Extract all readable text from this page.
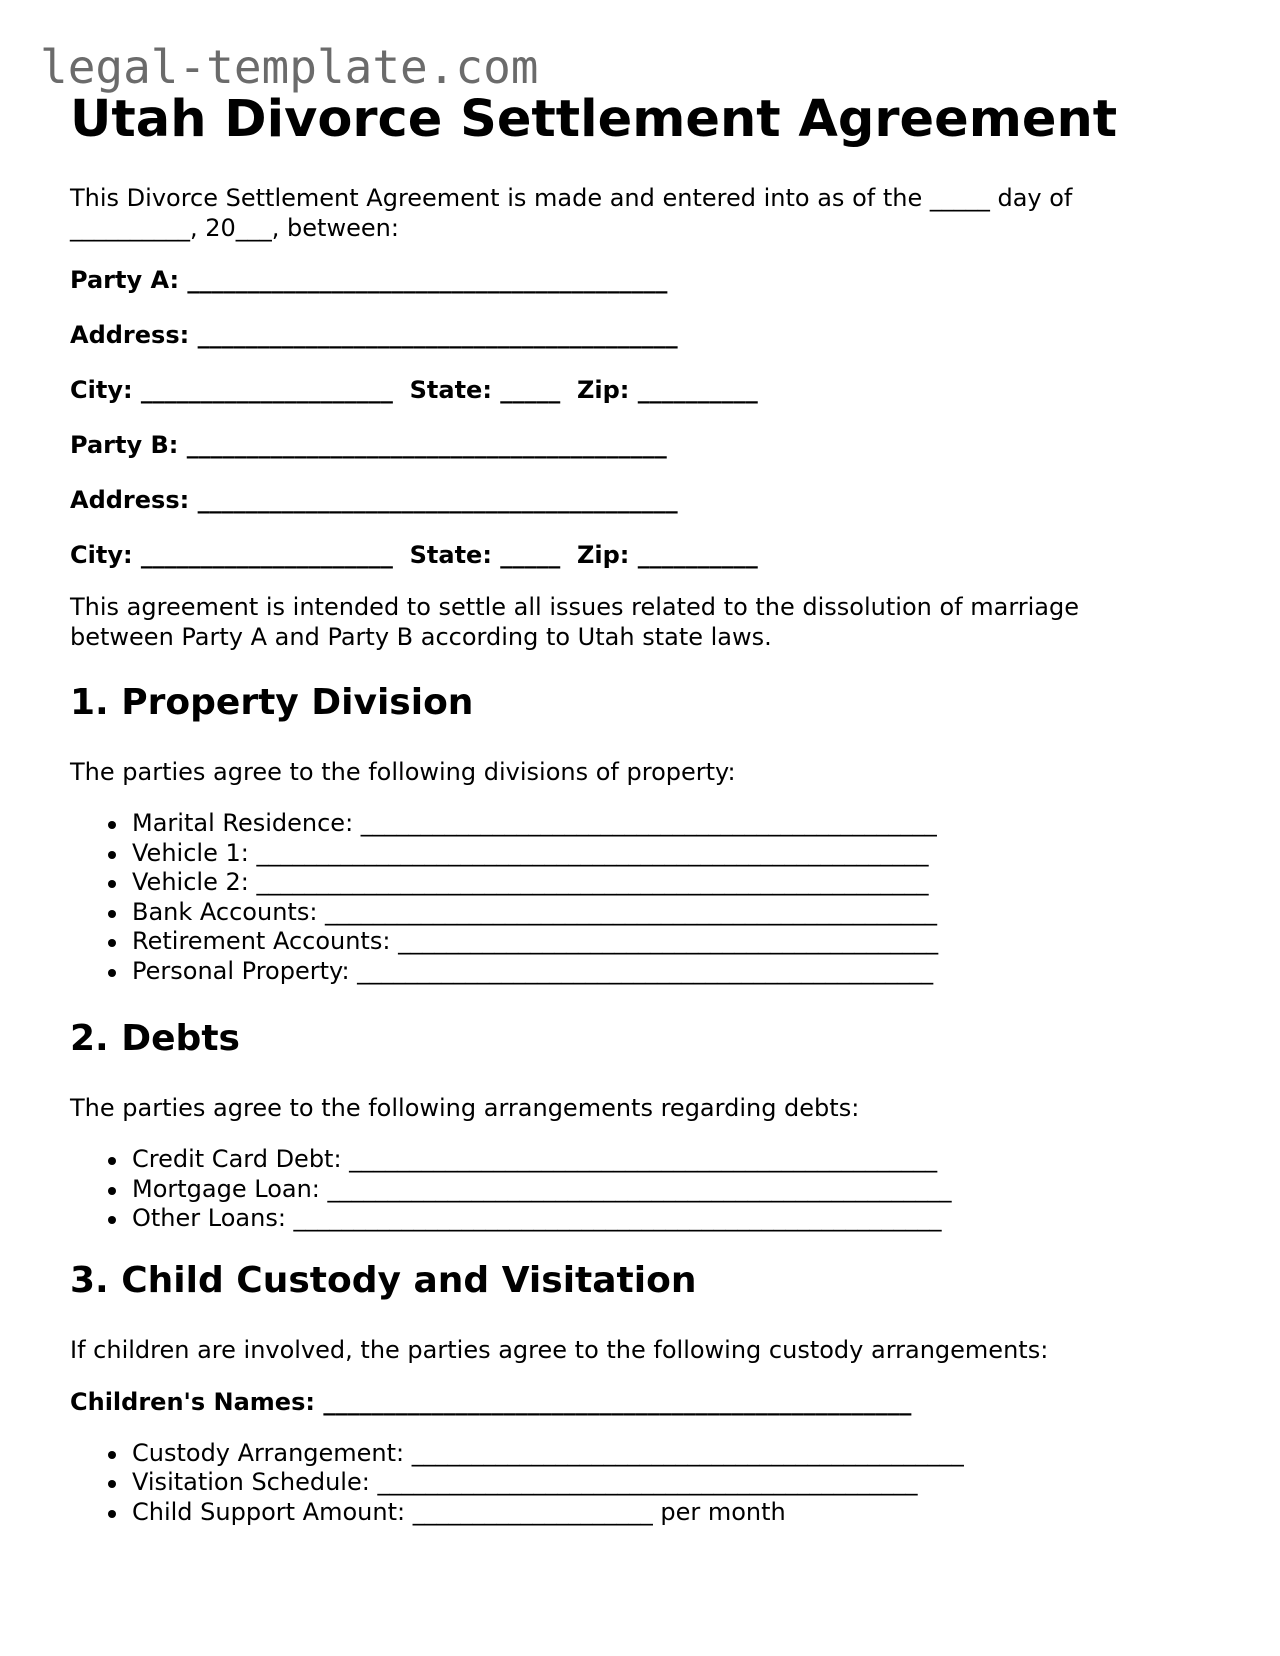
legal-template.com
Utah Divorce Settlement Agreement

This Divorce Settlement Agreement is made and entered into as of the _____ day of __________, 20___, between:

Party A: ________________________________________
Address: ________________________________________
City: _____________________  State: _____  Zip: __________
Party B: ________________________________________
Address: ________________________________________
City: _____________________  State: _____  Zip: __________

This agreement is intended to settle all issues related to the dissolution of marriage between Party A and Party B according to Utah state laws.

1. Property Division

The parties agree to the following divisions of property:

Marital Residence: ________________________________________________
Vehicle 1: ________________________________________________________
Vehicle 2: ________________________________________________________
Bank Accounts: ___________________________________________________
Retirement Accounts: _____________________________________________
Personal Property: ________________________________________________
2. Debts

The parties agree to the following arrangements regarding debts:

Credit Card Debt: _________________________________________________
Mortgage Loan: ____________________________________________________
Other Loans: ______________________________________________________
3. Child Custody and Visitation

If children are involved, the parties agree to the following custody arrangements:

Children's Names: _________________________________________________
Custody Arrangement: ______________________________________________
Visitation Schedule: _____________________________________________
Child Support Amount: ____________________ per month
